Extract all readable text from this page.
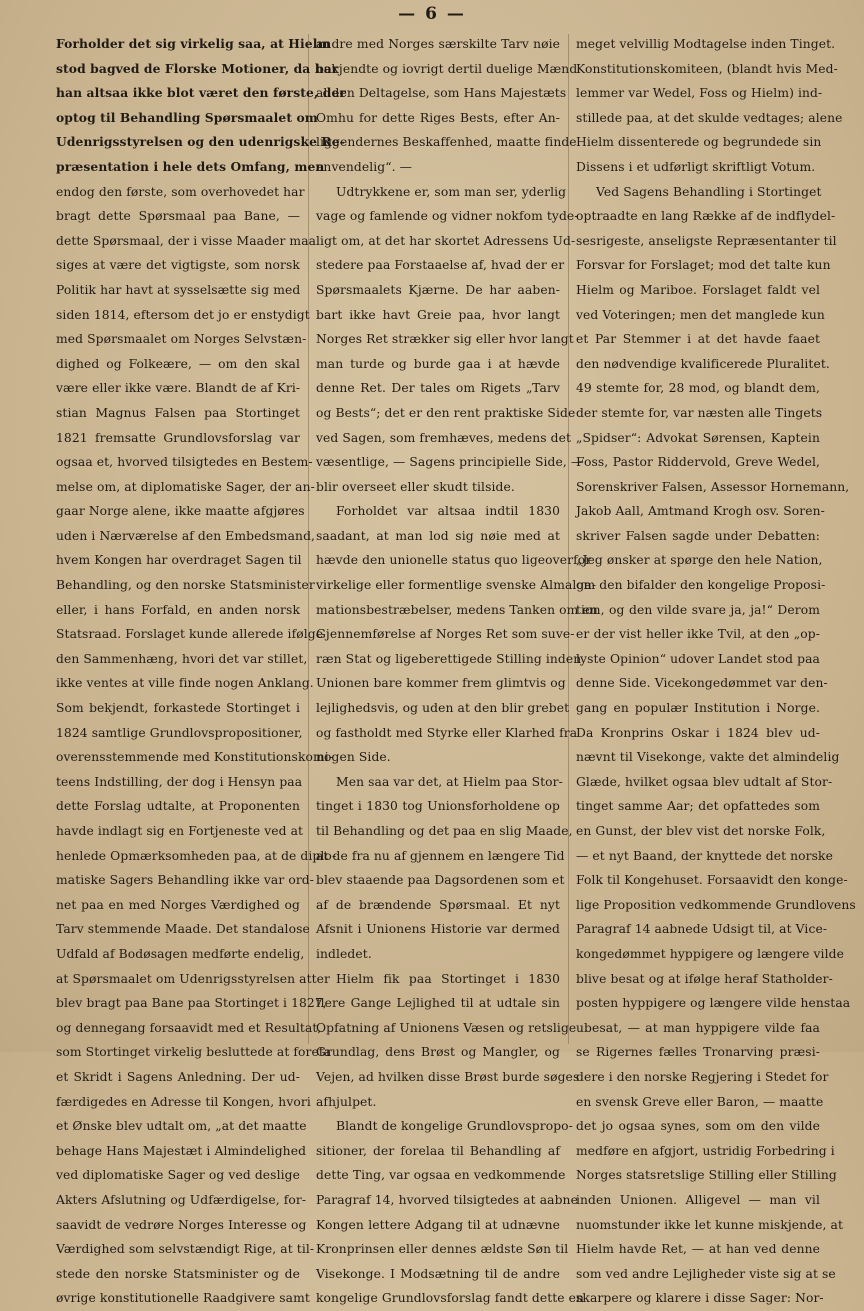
— 6 —
Forholder det sig virkelig saa, at Hielm
stod bagved de Florske Motioner, da har
han altsaa ikke blot været den første, der
optog til Behandling Spørsmaalet om
Udenrigsstyrelsen og den udenrigske Re-
præsentation i hele dets Omfang, men
endog den første, som overhovedet har
bragt dette Spørsmaal paa Bane, —
dette Spørsmaal, der i visse Maader maa
siges at være det vigtigste, som norsk
Politik har havt at sysselsætte sig med
siden 1814, eftersom det jo er enstydigt
med Spørsmaalet om Norges Selvstæn-
dighed og Folkeære, — om den skal
være eller ikke være. Blandt de af Kri-
stian Magnus Falsen paa Stortinget
1821 fremsatte Grundlovsforslag var
ogsaa et, hvorved tilsigtedes en Bestem-
melse om, at diplomatiske Sager, der an-
gaar Norge alene, ikke maatte afgjøres
uden i Nærværelse af den Embedsmand,
hvem Kongen har overdraget Sagen til
Behandling, og den norske Statsminister
eller, i hans Forfald, en anden norsk
Statsraad. Forslaget kunde allerede ifølge
den Sammenhæng, hvori det var stillet,
ikke ventes at ville finde nogen Anklang.
Som bekjendt, forkastede Stortinget i
1824 samtlige Grundlovspropositioner,
overensstemmende med Konstitutionskomi-
teens Indstilling, der dog i Hensyn paa
dette Forslag udtalte, at Proponenten
havde indlagt sig en Fortjeneste ved at
henlede Opmærksomheden paa, at de diplo-
matiske Sagers Behandling ikke var ord-
net paa en med Norges Værdighed og
Tarv stemmende Maade. Det standalose
Udfald af Bodøsagen medførte endelig,
at Spørsmaalet om Udenrigsstyrelsen atter
blev bragt paa Bane paa Stortinget i 1827,
og dennegang forsaavidt med et Resultat,
som Stortinget virkelig besluttede at foreta
et Skridt i Sagens Anledning. Der ud-
færdigedes en Adresse til Kongen, hvori
et Ønske blev udtalt om, „at det maatte
behage Hans Majestæt i Almindelighed
ved diplomatiske Sager og ved deslige
Akters Afslutning og Udfærdigelse, for-
saavidt de vedrøre Norges Interesse og
Værdighed som selvstændigt Rige, at til-
stede den norske Statsminister og de
øvrige konstitutionelle Raadgivere samt
andre med Norges særskilte Tarv nøie
bekjendte og iovrigt dertil duelige Mænd
al den Deltagelse, som Hans Majestæts
Omhu for dette Riges Bests, efter An-
liggendernes Beskaffenhed, maatte finde
anvendelig“. —
Udtrykkene er, som man ser, yderlig
vage og famlende og vidner nokfom tyde-
ligt om, at det har skortet Adressens Ud-
stedere paa Forstaaelse af, hvad der er
Spørsmaalets Kjærne. De har aaben-
bart ikke havt Greie paa, hvor langt
Norges Ret strækker sig eller hvor langt
man turde og burde gaa i at hævde
denne Ret. Der tales om Rigets „Tarv
og Bests“; det er den rent praktiske Side
ved Sagen, som fremhæves, medens det
væsentlige, — Sagens principielle Side, —
blir overseet eller skudt tilside.
Forholdet var altsaa indtil 1830
saadant, at man lod sig nøie med at
hævde den unionelle status quo ligeoverfor
virkelige eller formentlige svenske Almalga-
mationsbestræbelser, medens Tanken om en
Gjennemførelse af Norges Ret som suve-
ræn Stat og ligeberettigede Stilling inden
Unionen bare kommer frem glimtvis og
lejlighedsvis, og uden at den blir grebet
og fastholdt med Styrke eller Klarhed fra
nogen Side.
Men saa var det, at Hielm paa Stor-
tinget i 1830 tog Unionsforholdene op
til Behandling og det paa en slig Maade,
at de fra nu af gjennem en længere Tid
blev staaende paa Dagsordenen som et
af de brændende Spørsmaal. Et nyt
Afsnit i Unionens Historie var dermed
indledet.
Hielm fik paa Stortinget i 1830
flere Gange Lejlighed til at udtale sin
Opfatning af Unionens Væsen og retslige
Grundlag, dens Brøst og Mangler, og
Vejen, ad hvilken disse Brøst burde søges
afhjulpet.
Blandt de kongelige Grundlovspropo-
sitioner, der forelaa til Behandling af
dette Ting, var ogsaa en vedkommende
Paragraf 14, hvorved tilsigtedes at aabne
Kongen lettere Adgang til at udnævne
Kronprinsen eller dennes ældste Søn til
Visekonge. I Modsætning til de andre
kongelige Grundlovsforslag fandt dette en
meget velvillig Modtagelse inden Tinget.
Konstitutionskomiteen, (blandt hvis Med-
lemmer var Wedel, Foss og Hielm) ind-
stillede paa, at det skulde vedtages; alene
Hielm dissenterede og begrundede sin
Dissens i et udførligt skriftligt Votum.
Ved Sagens Behandling i Stortinget
optraadte en lang Række af de indflydel-
sesrigeste, anseligste Repræsentanter til
Forsvar for Forslaget; mod det talte kun
Hielm og Mariboe. Forslaget faldt vel
ved Voteringen; men det manglede kun
et Par Stemmer i at det havde faaet
den nødvendige kvalificerede Pluralitet.
49 stemte for, 28 mod, og blandt dem,
der stemte for, var næsten alle Tingets
„Spidser“: Advokat Sørensen, Kaptein
Foss, Pastor Riddervold, Greve Wedel,
Sorenskriver Falsen, Assessor Hornemann,
Jakob Aall, Amtmand Krogh osv. Soren-
skriver Falsen sagde under Debatten:
„Jeg ønsker at spørge den hele Nation,
om den bifalder den kongelige Proposi-
tion, og den vilde svare ja, ja!“ Derom
er der vist heller ikke Tvil, at den „op-
lyste Opinion“ udover Landet stod paa
denne Side. Vicekongedømmet var den-
gang en populær Institution i Norge.
Da Kronprins Oskar i 1824 blev ud-
nævnt til Visekonge, vakte det almindelig
Glæde, hvilket ogsaa blev udtalt af Stor-
tinget samme Aar; det opfattedes som
en Gunst, der blev vist det norske Folk,
— et nyt Baand, der knyttede det norske
Folk til Kongehuset. Forsaavidt den konge-
lige Proposition vedkommende Grundlovens
Paragraf 14 aabnede Udsigt til, at Vice-
kongedømmet hyppigere og længere vilde
blive besat og at ifølge heraf Statholder-
posten hyppigere og længere vilde henstaa
ubesat, — at man hyppigere vilde faa
se Rigernes fælles Tronarving præsi-
dere i den norske Regjering i Stedet for
en svensk Greve eller Baron, — maatte
det jo ogsaa synes, som om den vilde
medføre en afgjort, ustridig Forbedring i
Norges statsretslige Stilling eller Stilling
inden Unionen. Alligevel — man vil
nuomstunder ikke let kunne miskjende, at
Hielm havde Ret, — at han ved denne
som ved andre Lejligheder viste sig at se
skarpere og klarere i disse Sager: Nor-
